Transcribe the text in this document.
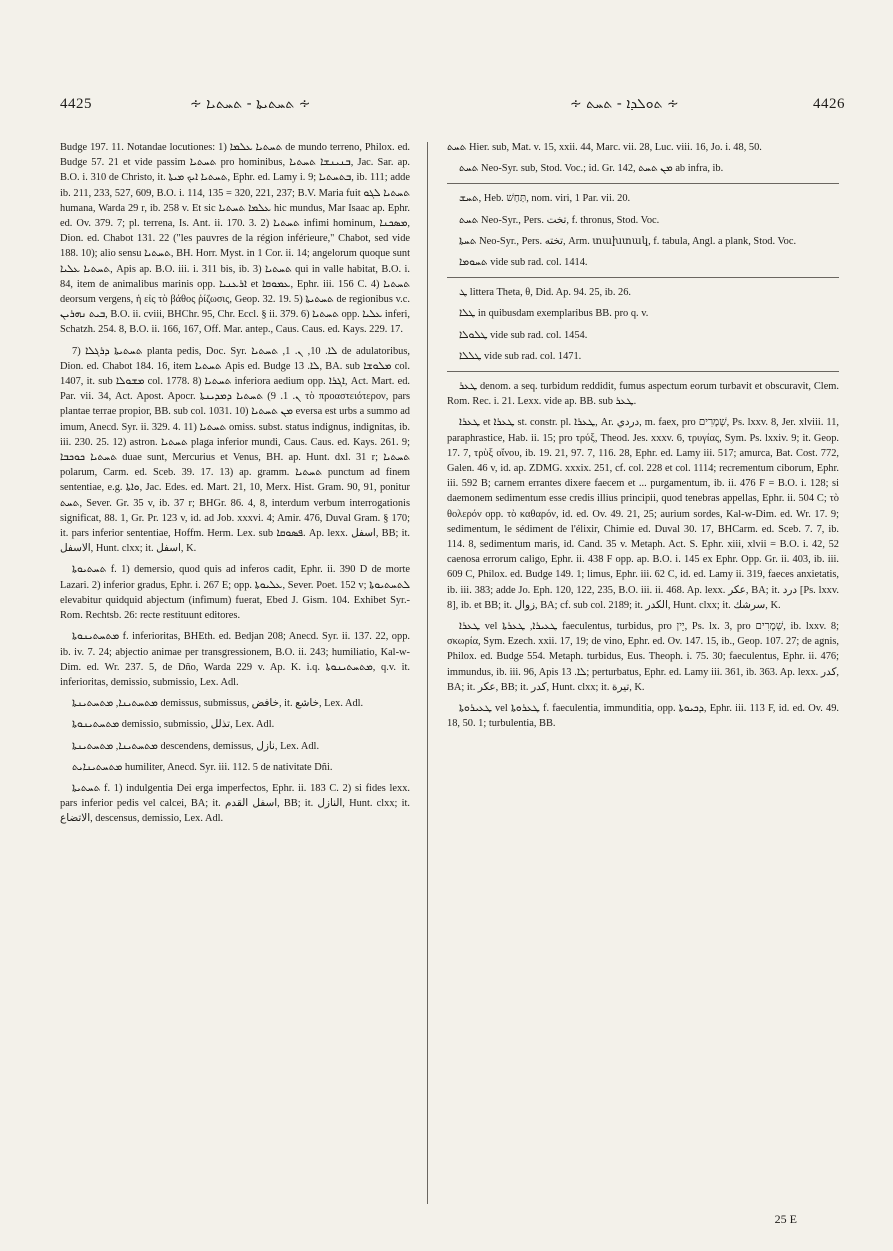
4425	∻ ܬܚܬܝܬܐ - ܬܚܬܝܐ ∻	∻ ܬܘܠܕܐ - ܬܚܬ ∻	4426

Budge 197. 11. Notandae locutiones: 1) ܬܚܬܝܐ ܥܠܡܐ de mundo terreno, Philox. ed. Budge 57. 21 et vide passim ܬܚܬܝܐ pro hominibus, ܒܢܝܢܫܐ ܬܚܬܝܐ, Jac. Sar. ap. B.O. i. 310 de Christo, it. ܬܚܬܝܐ ܐܝܟ ܡܝܬܐ, Ephr. ed. Lamy i. 9; ܒܬܚܬܝܐ, ib. 111; adde ib. 211, 233, 527, 609, B.O. i. 114, 135 = 320, 221, 237; B.V. Maria fuit ܬܚܬܝܐ ܠܓܘ humana, Warda 29 r, ib. 258 v. Et sic ܥܠܡܐ ܬܚܬܝܐ hic mundus, Mar Isaac ap. Ephr. ed. Ov. 379. 7; pl. terrena, Is. Ant. ii. 170. 3. 2) ܬܚܬܝܐ infimi hominum, ܡܣܟܢܐ, Dion. ed. Chabot 131. 22 ("les pauvres de la région inférieure," Chabot, sed vide 188. 10); alio sensu ܬܚܬܝܐ, BH. Horr. Myst. in 1 Cor. ii. 14; angelorum quoque sunt ܬܚܬܝܐ ܥܠܝܐ, Apis ap. B.O. iii. i. 311 bis, ib. 3) ܬܚܬܝܐ qui in valle habitat, B.O. i. 84, item de animalibus marinis opp. ܐܪܥܢܝܐ et ܥܡܘܩܐ, Ephr. iii. 156 C. 4) ܬܚܬܝܐ deorsum vergens, ἡ εἰς τὸ βάθος ῥίζωσις, Geop. 32. 19. 5) ܬܚܬܝܬܐ de regionibus v.c. ܒܝܬ ܢܗܪܝܢ, B.O. ii. cviii, BHChr. 95, Chr. Eccl. § ii. 379. 6) ܬܚܬܝܐ opp. ܥܠܝܐ inferi, Schatzh. 254. 8, B.O. ii. 166, 167, Off. Mar. antep., Caus. Caus. ed. Kays. 229. 17.

7) ܬܚܬܝܬܐ ܕܪܓܠܐ planta pedis, Doc. Syr. ܠܐ. 10, ܢ. 1, ܬܚܬܝܐ de adulatoribus, Dion. ed. Chabot 184. 16, item ܬܚܬܝܐ Apis ed. Budge ܠܐ. 13, BA. sub ܡܠܘܫܐ col. 1407, it. sub ܡܫܘܠܐ col. 1778. 8) ܬܚܬܝܐ inferiora aedium opp. ܐܓܪܐ, Act. Mart. ed. Par. vii. 34, Act. Apost. Apocr. ܢ. 1. 9) ܬܚܬܝܐ ܕܡܕܝܢܬܐ τὸ προαστειότερον, pars plantae terrae propior, BB. sub col. 1031. 10) ܡܢ ܬܚܬܝܐ eversa est urbs a summo ad imum, Anecd. Syr. ii. 329. 4. 11) ܬܚܬܝܐ omiss. subst. status indignus, indignitas, ib. iii. 230. 25. 12) astron. ܬܚܬܝܐ plaga inferior mundi, Caus. Caus. ed. Kays. 261. 9; ܬܚܬܝܐ ܟܘܟܒܐ duae sunt, Mercurius et Venus, BH. ap. Hunt. dxl. 31 r; ܬܚܬܝܐ polarum, Carm. ed. Sceb. 39. 17. 13) ap. gramm. ܬܚܬܝܐ punctum ad finem sententiae, e.g. ܘܐܬܐ, Jac. Edes. ed. Mart. 21, 10, Merx. Hist. Gram. 90, 91, ponitur ܬܚܬ, Sever. Gr. 35 v, ib. 37 r; BHGr. 86. 4, 8, interdum verbum interrogationis significat, 88. 1, Gr. Pr. 123 v, id. ad Job. xxxvi. 4; Amir. 476, Duval Gram. § 170; it. pars inferior sententiae, Hoffm. Herm. Lex. sub ܦܣܘܩܐ. Ap. lexx. اسفل, BB; it. الاسفل, Hunt. clxx; it. اسفل, K.

ܬܚܬܝܘܬܐ f. 1) demersio, quod quis ad inferos cadit, Ephr. ii. 390 D de morte Lazari. 2) inferior gradus, Ephr. i. 267 E; opp. ܥܠܝܘܬܐ, Sever. Poet. 152 v; ܠܬܚܬܝܘܬܐ elevabitur quidquid abjectum (infimum) fuerat, Ebed J. Gism. 104. Exhibet Syr.-Rom. Rechtsb. 26: recte restituunt editores.

ܡܬܚܬܝܢܘܬܐ f. inferioritas, BHEth. ed. Bedjan 208; Anecd. Syr. ii. 137. 22, opp. ib. iv. 7. 24; abjectio animae per transgressionem, B.O. ii. 243; humiliatio, Kal-w-Dim. ed. Wr. 237. 5, de Dño, Warda 229 v. Ap. K. i.q. ܡܬܚܬܝܢܘܬܐ, q.v. it. inferioritas, demissio, submissio, Lex. Adl.

ܡܬܚܬܝܢܐ, ܡܬܚܬܝܢܬܐ demissus, submissus, خافض, it. خاشع, Lex. Adl.

ܡܬܚܬܝܢܘܬܐ demissio, submissio, تذلل, Lex. Adl.

ܡܬܚܬܝܢܐ, ܡܬܚܬܝܢܬܐ descendens, demissus, نازل, Lex. Adl.

ܡܬܚܬܝܢܐܝܬ humiliter, Anecd. Syr. iii. 112. 5 de nativitate Dñi.

ܬܚܬܝܬܐ f. 1) indulgentia Dei erga imperfectos, Ephr. ii. 183 C. 2) si fides lexx. pars inferior pedis vel calcei, BA; it. اسفل القدم, BB; it. النازل, Hunt. clxx; it. الاتضاع, descensus, demissio, Lex. Adl.

ܬܚܬ Hier. sub, Mat. v. 15, xxii. 44, Marc. vii. 28, Luc. viii. 16, Jo. i. 48, 50.

ܬܚܬ Neo-Syr. sub, Stod. Voc.; id. Gr. 142, ܡܢ ܬܚܬ ab infra, ib.

ܬܚܫ, Heb. תַּחַשׁ, nom. viri, 1 Par. vii. 20.

ܬܚܬ Neo-Syr., Pers. تخت, f. thronus, Stod. Voc.

ܬܚܬܐ Neo-Syr., Pers. تخته, Arm. տախտակ, f. tabula, Angl. a plank, Stod. Voc.

ܬܚܘܡܐ vide sub rad. col. 1414.

ܛ littera Theta, θ, Did. Ap. 94. 25, ib. 26.

ܛܠܐ in quibusdam exemplaribus BB. pro q. v.

ܛܠܘܠܐ vide sub rad. col. 1454.

ܛܠܠܐ vide sub rad. col. 1471.

ܛܥܪ denom. a seq. turbidum reddidit, fumus aspectum eorum turbavit et obscuravit, Clem. Rom. Rec. i. 21. Lexx. vide ap. BB. sub ܛܥܪ.

ܛܥܪܐ et ܛܥܪܐ st. constr. pl. ܛܥܪܐ, Ar. دردي, m. faex, pro שְׁמָרִים, Ps. lxxv. 8, Jer. xlviii. 11, paraphrastice, Hab. ii. 15; pro τρύξ, Theod. Jes. xxxv. 6, τρυγίας, Sym. Ps. lxxiv. 9; it. Geop. 17. 7, τρὺξ οἴνου, ib. 19. 21, 97. 7, 116. 28, Ephr. ed. Lamy iii. 517; amurca, Bat. Cost. 772, Galen. 46 v, id. ap. ZDMG. xxxix. 251, cf. col. 228 et col. 1114; recrementum ciborum, Ephr. iii. 592 B; carnem errantes dixere faecem et ... purgamentum, ib. ii. 476 F = B.O. i. 128; si daemonem sedimentum esse credis illius principii, quod tenebras appellas, Ephr. ii. 504 C; τὸ θολερόν opp. τὸ καθαρόν, id. ed. Ov. 49. 21, 25; aurium sordes, Kal-w-Dim. ed. Wr. 17. 9; sedimentum, le sédiment de l'élixir, Chimie ed. Duval 30. 17, BHCarm. ed. Sceb. 7. 7, ib. 114. 8, sedimentum maris, id. Cand. 35 v. Metaph. Act. S. Ephr. xiii, xlvii = B.O. i. 42, 52 caenosa errorum caligo, Ephr. ii. 438 F opp. ap. B.O. i. 145 ex Ephr. Opp. Gr. ii. 403, ib. iii. 609 C, Philox. ed. Budge 149. 1; limus, Ephr. iii. 62 C, id. ed. Lamy ii. 319, faeces anxietatis, ib. iii. 383; adde Jo. Eph. 120, 122, 235, B.O. iii. ii. 468. Ap. lexx. عكر, BA; it. درد [Ps. lxxv. 8], ib. et BB; it. زوال, BA; cf. sub col. 2189; it. الكدر, Hunt. clxx; it. سرشك, K.

ܛܥܪܐ vel ܛܥܝܪܐ, ܛܥܪܬܐ faeculentus, turbidus, pro יֵין, Ps. lx. 3, pro שְׁמָרִים, ib. lxxv. 8; σκωρία, Sym. Ezech. xxii. 17, 19; de vino, Ephr. ed. Ov. 147. 15, ib., Geop. 107. 27; de agnis, Philox. ed. Budge 554. Metaph. turbidus, Eus. Theoph. i. 75. 30; faeculentus, Ephr. ii. 476; immundus, ib. iii. 96, Apis ܠܐ. 13; perturbatus, Ephr. ed. Lamy iii. 361, ib. 363. Ap. lexx. كدر, BA; it. عكر, BB; it. كدر, Hunt. clxx; it. تيرة, K.

ܛܥܝܪܘܬܐ vel ܛܥܪܘܬܐ f. faeculentia, immunditia, opp. ܕܟܝܘܬܐ, Ephr. iii. 113 F, id. ed. Ov. 49. 18, 50. 1; turbulentia, BB.

25 E
